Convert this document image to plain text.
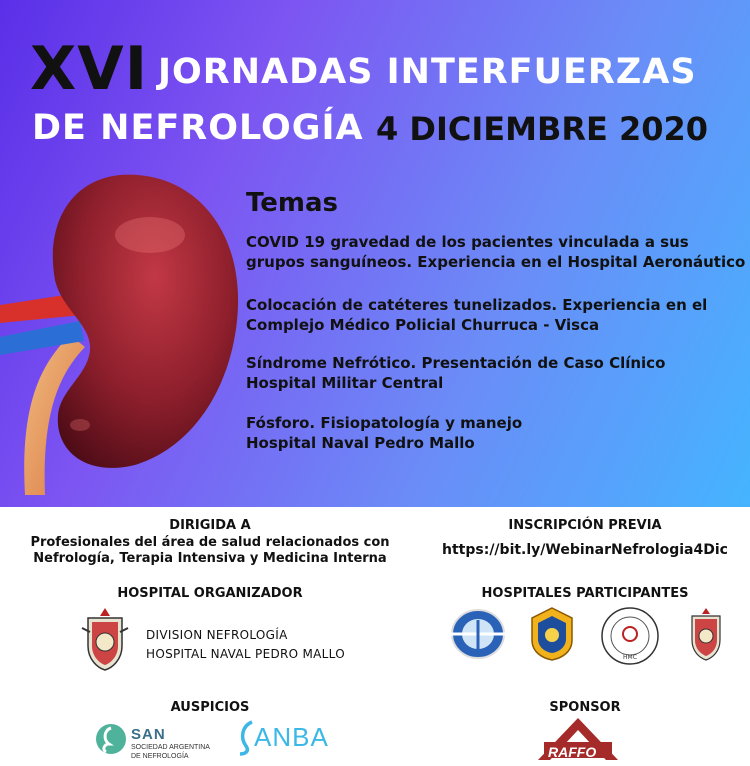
XVI JORNADAS INTERFUERZAS
DE NEFROLOGÍA 4 DICIEMBRE 2020
Temas
COVID 19 gravedad de los pacientes vinculada a sus
grupos sanguíneos. Experiencia en el Hospital Aeronáutico
Colocación de catéteres tunelizados. Experiencia en el
Complejo Médico Policial Churruca - Visca
Síndrome Nefrótico. Presentación de Caso Clínico
Hospital Militar Central
Fósforo. Fisiopatología y manejo
Hospital Naval Pedro Mallo
DIRIGIDA A
Profesionales del área de salud relacionados con
Nefrología, Terapia Intensiva y Medicina Interna
INSCRIPCIÓN PREVIA
https://bit.ly/WebinarNefrologia4Dic
HOSPITAL ORGANIZADOR
DIVISION NEFROLOGÍA
HOSPITAL NAVAL PEDRO MALLO
HOSPITALES PARTICIPANTES
HMC
AUSPICIOS
SAN
SOCIEDAD ARGENTINA
DE NEFROLOGÍA
ANBA
SPONSOR
RAFFO
